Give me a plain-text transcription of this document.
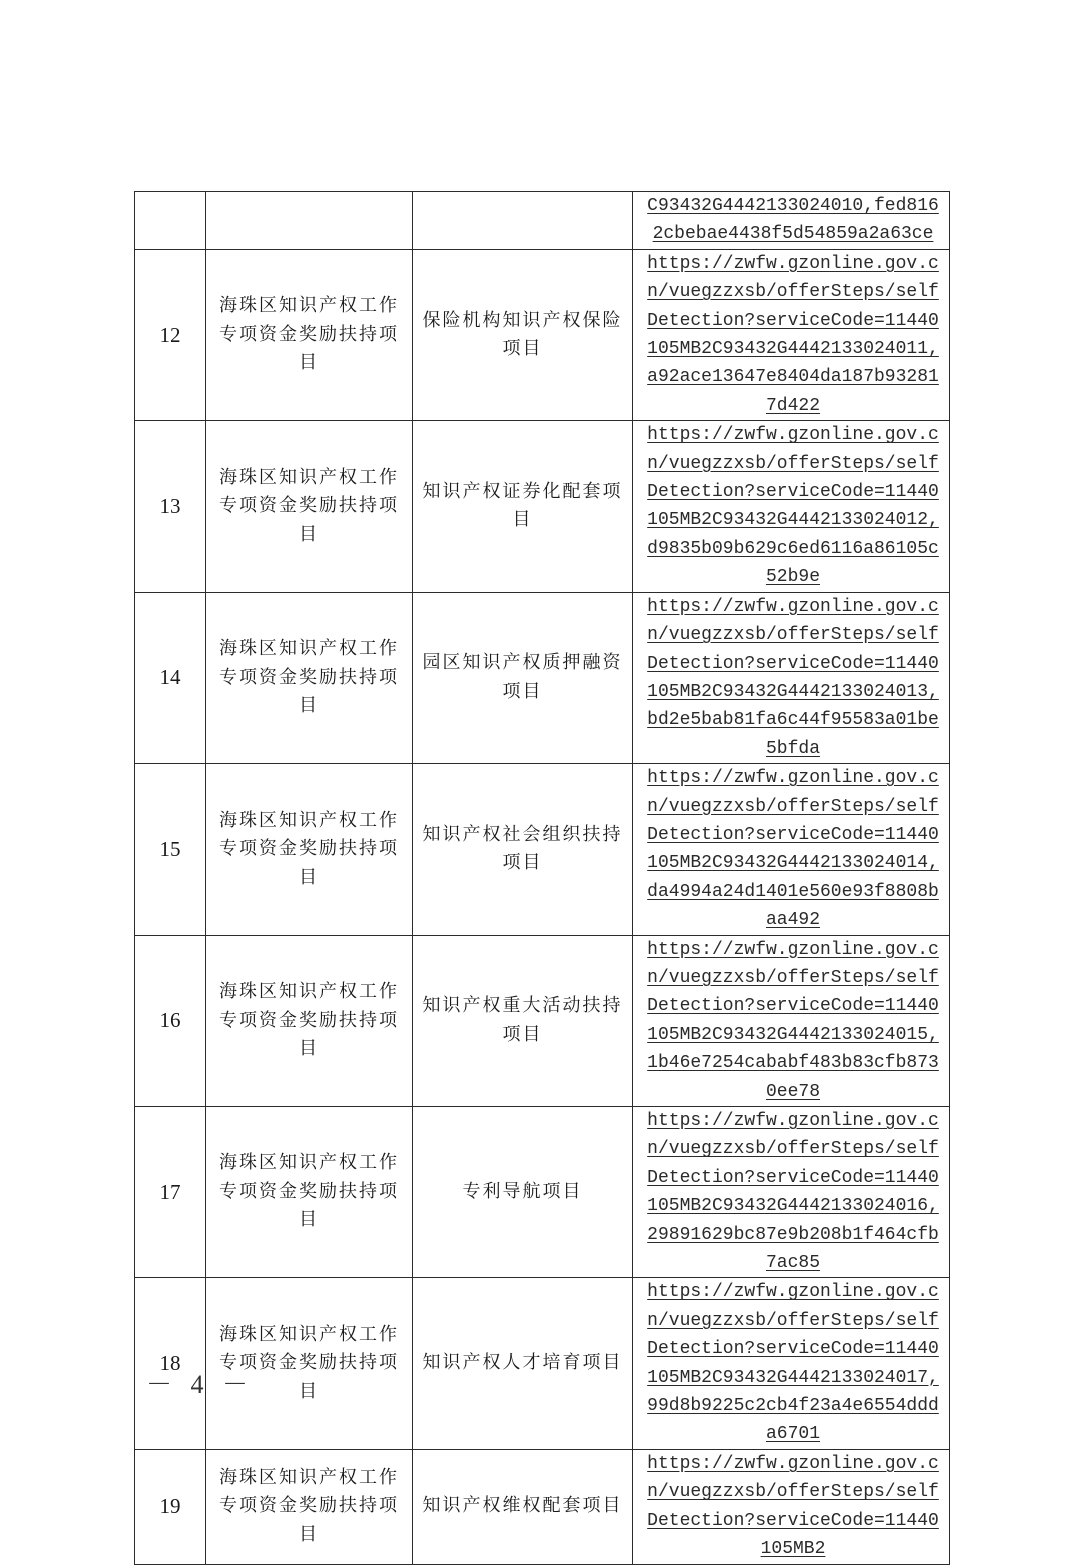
			C93432G4442133024010,fed8162cbebae4438f5d54859a2a63ce

12	海珠区知识产权工作专项资金奖励扶持项目	保险机构知识产权保险项目	https://zwfw.gzonline.gov.cn/vuegzzxsb/offerSteps/selfDetection?serviceCode=11440105MB2C93432G4442133024011,a92ace13647e8404da187b932817d422

13	海珠区知识产权工作专项资金奖励扶持项目	知识产权证券化配套项目	https://zwfw.gzonline.gov.cn/vuegzzxsb/offerSteps/selfDetection?serviceCode=11440105MB2C93432G4442133024012,d9835b09b629c6ed6116a86105c52b9e

14	海珠区知识产权工作专项资金奖励扶持项目	园区知识产权质押融资项目	https://zwfw.gzonline.gov.cn/vuegzzxsb/offerSteps/selfDetection?serviceCode=11440105MB2C93432G4442133024013,bd2e5bab81fa6c44f95583a01be5bfda

15	海珠区知识产权工作专项资金奖励扶持项目	知识产权社会组织扶持项目	https://zwfw.gzonline.gov.cn/vuegzzxsb/offerSteps/selfDetection?serviceCode=11440105MB2C93432G4442133024014,da4994a24d1401e560e93f8808baa492

16	海珠区知识产权工作专项资金奖励扶持项目	知识产权重大活动扶持项目	https://zwfw.gzonline.gov.cn/vuegzzxsb/offerSteps/selfDetection?serviceCode=11440105MB2C93432G4442133024015,1b46e7254cababf483b83cfb8730ee78

17	海珠区知识产权工作专项资金奖励扶持项目	专利导航项目	https://zwfw.gzonline.gov.cn/vuegzzxsb/offerSteps/selfDetection?serviceCode=11440105MB2C93432G4442133024016,29891629bc87e9b208b1f464cfb7ac85

18	海珠区知识产权工作专项资金奖励扶持项目	知识产权人才培育项目	https://zwfw.gzonline.gov.cn/vuegzzxsb/offerSteps/selfDetection?serviceCode=11440105MB2C93432G4442133024017,99d8b9225c2cb4f23a4e6554ddda6701

19	海珠区知识产权工作专项资金奖励扶持项目	知识产权维权配套项目	https://zwfw.gzonline.gov.cn/vuegzzxsb/offerSteps/selfDetection?serviceCode=11440105MB2
－ 4 －
